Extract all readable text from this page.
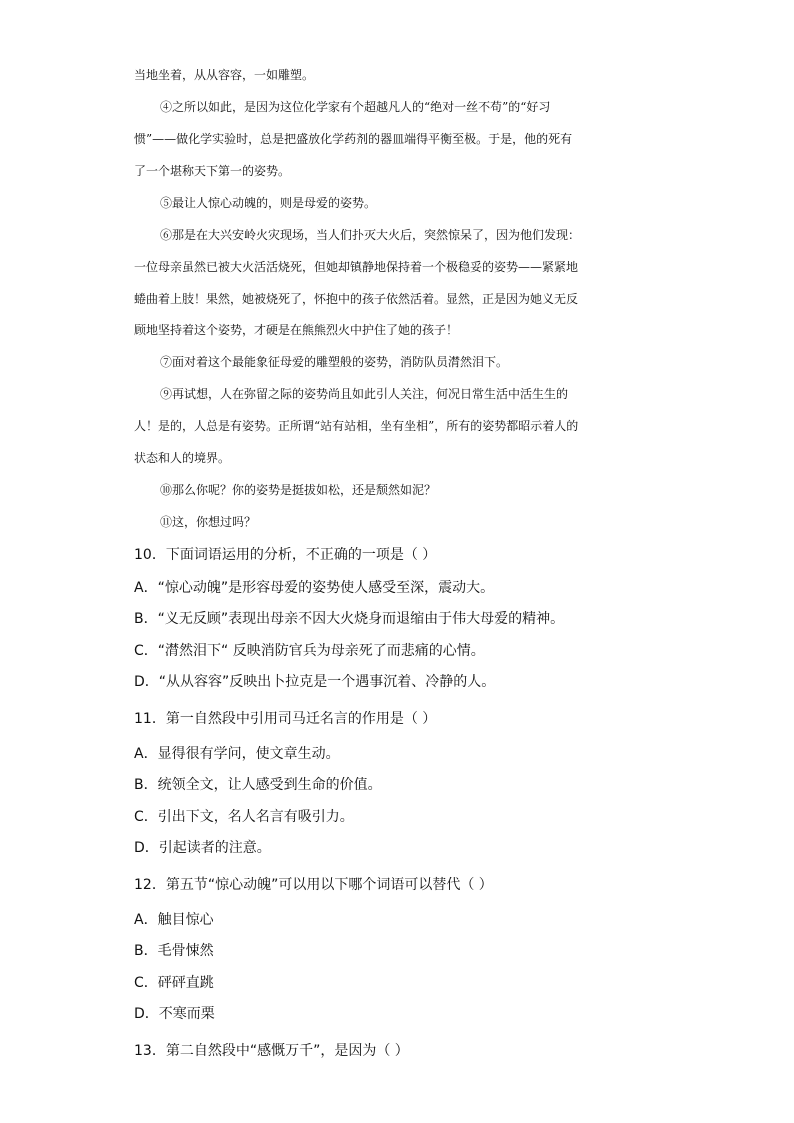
当地坐着，从从容容，一如雕塑。
④之所以如此，是因为这位化学家有个超越凡人的“绝对一丝不苟”的“好习
惯”——做化学实验时，总是把盛放化学药剂的器皿端得平衡至极。于是，他的死有
了一个堪称天下第一的姿势。
⑤最让人惊心动魄的，则是母爱的姿势。
⑥那是在大兴安岭火灾现场，当人们扑灭大火后，突然惊呆了，因为他们发现：
一位母亲虽然已被大火活活烧死，但她却镇静地保持着一个极稳妥的姿势——紧紧地
蜷曲着上肢！果然，她被烧死了，怀抱中的孩子依然活着。显然，正是因为她义无反
顾地坚持着这个姿势，才硬是在熊熊烈火中护住了她的孩子！
⑦面对着这个最能象征母爱的雕塑般的姿势，消防队员潸然泪下。
⑨再试想，人在弥留之际的姿势尚且如此引人关注，何况日常生活中活生生的
人！是的，人总是有姿势。正所谓“站有站相，坐有坐相”，所有的姿势都昭示着人的
状态和人的境界。
⑩那么你呢？你的姿势是挺拔如松，还是颓然如泥？
⑪这，你想过吗？
10．下面词语运用的分析，不正确的一项是（ ）
A．“惊心动魄”是形容母爱的姿势使人感受至深，震动大。
B．“义无反顾”表现出母亲不因大火烧身而退缩由于伟大母爱的精神。
C．“潸然泪下“ 反映消防官兵为母亲死了而悲痛的心情。
D．“从从容容”反映出卜拉克是一个遇事沉着、冷静的人。
11．第一自然段中引用司马迁名言的作用是（ ）
A．显得很有学问，使文章生动。
B．统领全文，让人感受到生命的价值。
C．引出下文，名人名言有吸引力。
D．引起读者的注意。
12．第五节“惊心动魄”可以用以下哪个词语可以替代（ ）
A．触目惊心
B．毛骨悚然
C．砰砰直跳
D．不寒而栗
13．第二自然段中“感慨万千”，是因为（ ）
